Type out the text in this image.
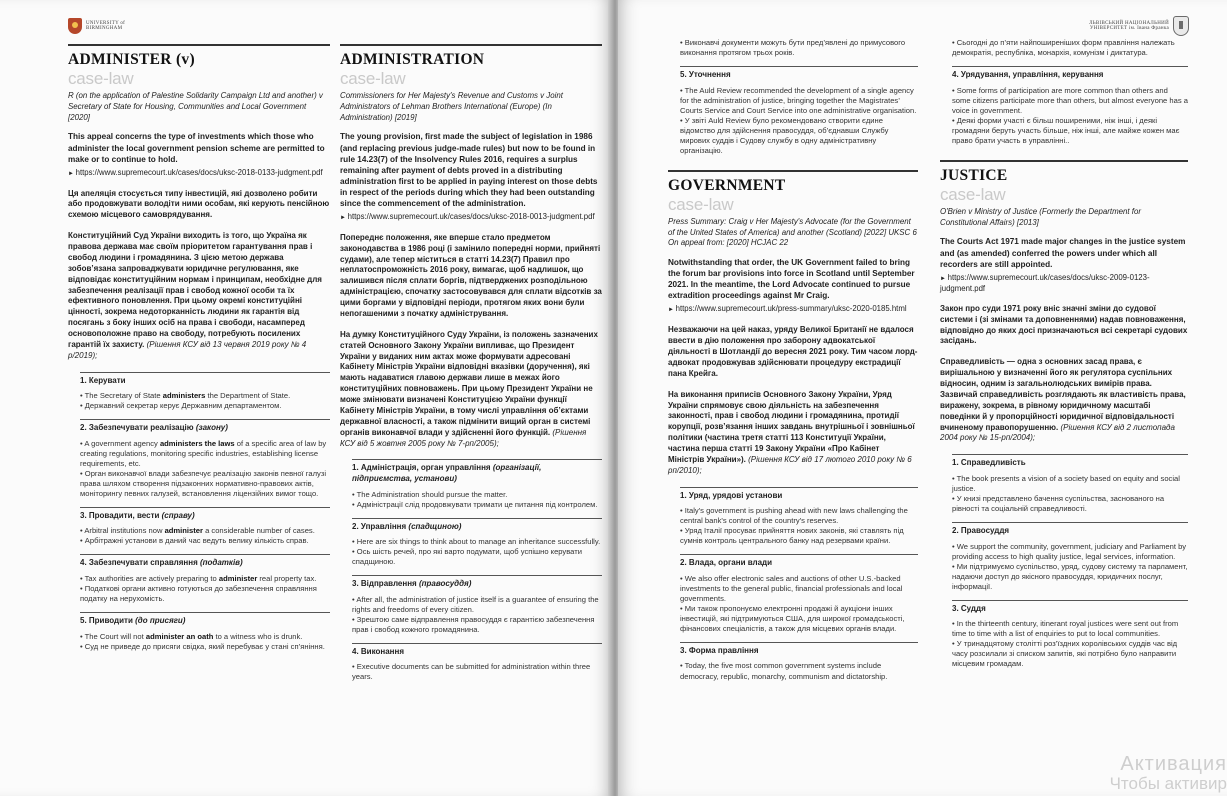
UNIVERSITY of
BIRMINGHAM
ADMINISTER (v)
case-law
R (on the application of Palestine Solidarity Campaign Ltd and another) v Secretary of State for Housing, Communities and Local Government [2020]
This appeal concerns the type of investments which those who administer the local government pension scheme are permitted to make or to continue to hold.
► https://www.supremecourt.uk/cases/docs/uksc-2018-0133-judgment.pdf
Ця апеляція стосується типу інвестицій, які дозволено робити або продовжувати володіти ними особам, які керують пенсійною схемою місцевого самоврядування.
Конституційний Суд України виходить із того, що Україна як правова держава має своїм пріоритетом гарантування прав і свобод людини і громадянина. З цією метою держава зобов’язана запроваджувати юридичне регулювання, яке відповідає конституційним нормам і принципам, необхідне для забезпечення реалізації прав і свобод кожної особи та їх ефективного поновлення. При цьому окремі конституційні цінності, зокрема недоторканність людини як гарантія від посягань з боку інших осіб на права і свободи, насамперед основоположне право на свободу, потребують посилених гарантій їх захисту. (Рішення КСУ від 13 червня 2019 року № 4 р/2019);
1. Керувати
• The Secretary of State administers the Department of State.
• Державний секретар керує Державним департаментом.
2. Забезпечувати реалізацію (закону)
• A government agency administers the laws of a specific area of law by creating regulations, monitoring specific industries, establishing license requirements, etc.
• Орган виконавчої влади забезпечує реалізацію законів певної галузі права шляхом створення підзаконних нормативно-правових актів, моніторингу певних галузей, встановлення ліцензійних вимог тощо.
3. Провадити, вести (справу)
• Arbitral institutions now administer a considerable number of cases.
• Арбітражні установи в даний час ведуть велику кількість справ.
4. Забезпечувати справляння (податків)
• Tax authorities are actively preparing to administer real property tax.
• Податкові органи активно готуються до забезпечення справляння податку на нерухомість.
5. Приводити (до присяги)
• The Court will not administer an oath to a witness who is drunk.
• Суд не приведе до присяги свідка, який перебуває у стані сп’яніння.
ADMINISTRATION
case-law
Commissioners for Her Majesty's Revenue and Customs v Joint Administrators of Lehman Brothers International (Europe) (In Administration) [2019]
The young provision, first made the subject of legislation in 1986 (and replacing previous judge-made rules) but now to be found in rule 14.23(7) of the Insolvency Rules 2016, requires a surplus remaining after payment of debts proved in a distributing administration first to be applied in paying interest on those debts in respect of the periods during which they had been outstanding since the commencement of the administration.
► https://www.supremecourt.uk/cases/docs/uksc-2018-0013-judgment.pdf
Попереднє положення, яке вперше стало предметом законодавства в 1986 році (і замінило попередні норми, прийняті судами), але тепер міститься в статті 14.23(7) Правил про неплатоспроможність 2016 року, вимагає, щоб надлишок, що залишився після сплати боргів, підтверджених розподільною адміністрацією, спочатку застосовувався для сплати відсотків за цими боргами у відповідні періоди, протягом яких вони були непогашеними з початку адміністрування.
На думку Конституційного Суду України, із положень зазначених статей Основного Закону України випливає, що Президент України у виданих ним актах може формувати адресовані Кабінету Міністрів України відповідні вказівки (доручення), які мають надаватися главою держави лише в межах його конституційних повноважень. При цьому Президент України не може змінювати визначені Конституцією України функції Кабінету Міністрів України, в тому числі управління об’єктами державної власності, а також підмінити вищий орган в системі органів виконавчої влади у здійсненні його функцій. (Рішення КСУ від 5 жовтня 2005 року № 7-рп/2005);
1. Адміністрація, орган управління (організації, підприємства, установи)
• The Administration should pursue the matter.
• Адміністрації слід продовжувати тримати це питання під контролем.
2. Управління (спадщиною)
• Here are six things to think about to manage an inheritance successfully.
• Ось шість речей, про які варто подумати, щоб успішно керувати спадщиною.
3. Відправлення (правосуддя)
• After all, the administration of justice itself is a guarantee of ensuring the rights and freedoms of every citizen.
• Зрештою саме відправлення правосуддя є гарантією забезпечення прав і свобод кожного громадянина.
4. Виконання
• Executive documents can be submitted for administration within three years.
ЛЬВІВСЬКИЙ НАЦІОНАЛЬНИЙ
УНІВЕРСИТЕТ ім. Івана Франка
• Виконавчі документи можуть бути пред’явлені до примусового виконання протягом трьох років.
5. Уточнення
• The Auld Review recommended the development of a single agency for the administration of justice, bringing together the Magistrates’ Courts Service and Court Service into one administrative organisation.
• У звіті Auld Review було рекомендовано створити єдине відомство для здійснення правосуддя, об’єднавши Службу мирових суддів і Судову службу в одну адміністративну організацію.
GOVERNMENT
case-law
Press Summary: Craig v Her Majesty's Advocate (for the Government of the United States of America) and another (Scotland) [2022] UKSC 6 On appeal from: [2020] HCJAC 22
Notwithstanding that order, the UK Government failed to bring the forum bar provisions into force in Scotland until September 2021. In the meantime, the Lord Advocate continued to pursue extradition proceedings against Mr Craig.
► https://www.supremecourt.uk/press-summary/uksc-2020-0185.html
Незважаючи на цей наказ, уряду Великої Британії не вдалося ввести в дію положення про заборону адвокатської діяльності в Шотландії до вересня 2021 року. Тим часом лорд-адвокат продовжував здійснювати процедуру екстрадиції пана Крейга.
На виконання приписів Основного Закону України, Уряд України спрямовує свою діяльність на забезпечення законності, прав і свобод людини і громадянина, протидії корупції, розв’язання інших завдань внутрішньої і зовнішньої політики (частина третя статті 113 Конституції України, частина перша статті 19 Закону України «Про Кабінет Міністрів України»). (Рішення КСУ від 17 лютого 2010 року № 6 рп/2010);
1. Уряд, урядові установи
• Italy's government is pushing ahead with new laws challenging the central bank's control of the country's reserves.
• Уряд Італії просуває прийняття нових законів, які ставлять під сумнів контроль центрального банку над резервами країни.
2. Влада, органи влади
• We also offer electronic sales and auctions of other U.S.-backed investments to the general public, financial professionals and local governments.
• Ми також пропонуємо електронні продажі й аукціони інших інвестицій, які підтримуються США, для широкої громадськості, фінансових спеціалістів, а також для місцевих органів влади.
3. Форма правління
• Today, the five most common government systems include democracy, republic, monarchy, communism and dictatorship.
• Сьогодні до п’яти найпоширеніших форм правління належать демократія, республіка, монархія, комунізм і диктатура.
4. Урядування, управління, керування
• Some forms of participation are more common than others and some citizens participate more than others, but almost everyone has a voice in government.
• Деякі форми участі є більш поширеними, ніж інші, і деякі громадяни беруть участь більше, ніж інші, але майже кожен має право брати участь в управлінні..
JUSTICE
case-law
O'Brien v Ministry of Justice (Formerly the Department for Constitutional Affairs) [2013]
The Courts Act 1971 made major changes in the justice system and (as amended) conferred the powers under which all recorders are still appointed.
► https://www.supremecourt.uk/cases/docs/uksc-2009-0123-judgment.pdf
Закон про суди 1971 року вніс значні зміни до судової системи і (зі змінами та доповненнями) надав повноваження, відповідно до яких досі призначаються всі секретарі судових засідань.
Справедливість — одна з основних засад права, є вирішальною у визначенні його як регулятора суспільних відносин, одним із загальнолюдських вимірів права. Зазвичай справедливість розглядають як властивість права, виражену, зокрема, в рівному юридичному масштабі поведінки й у пропорційності юридичної відповідальності вчиненому правопорушенню. (Рішення КСУ від 2 листопада 2004 року № 15-рп/2004);
1. Справедливість
• The book presents a vision of a society based on equity and social justice.
• У книзі представлено бачення суспільства, заснованого на рівності та соціальній справедливості.
2. Правосуддя
• We support the community, government, judiciary and Parliament by providing access to high quality justice, legal services, information.
• Ми підтримуємо суспільство, уряд, судову систему та парламент, надаючи доступ до якісного правосуддя, юридичних послуг, інформації.
3. Суддя
• In the thirteenth century, itinerant royal justices were sent out from time to time with a list of enquiries to put to local communities.
• У тринадцятому столітті роз’їздних королівських суддів час від часу розсилали зі списком запитів, які потрібно було направити місцевим громадам.
Активация
Чтобы активир
